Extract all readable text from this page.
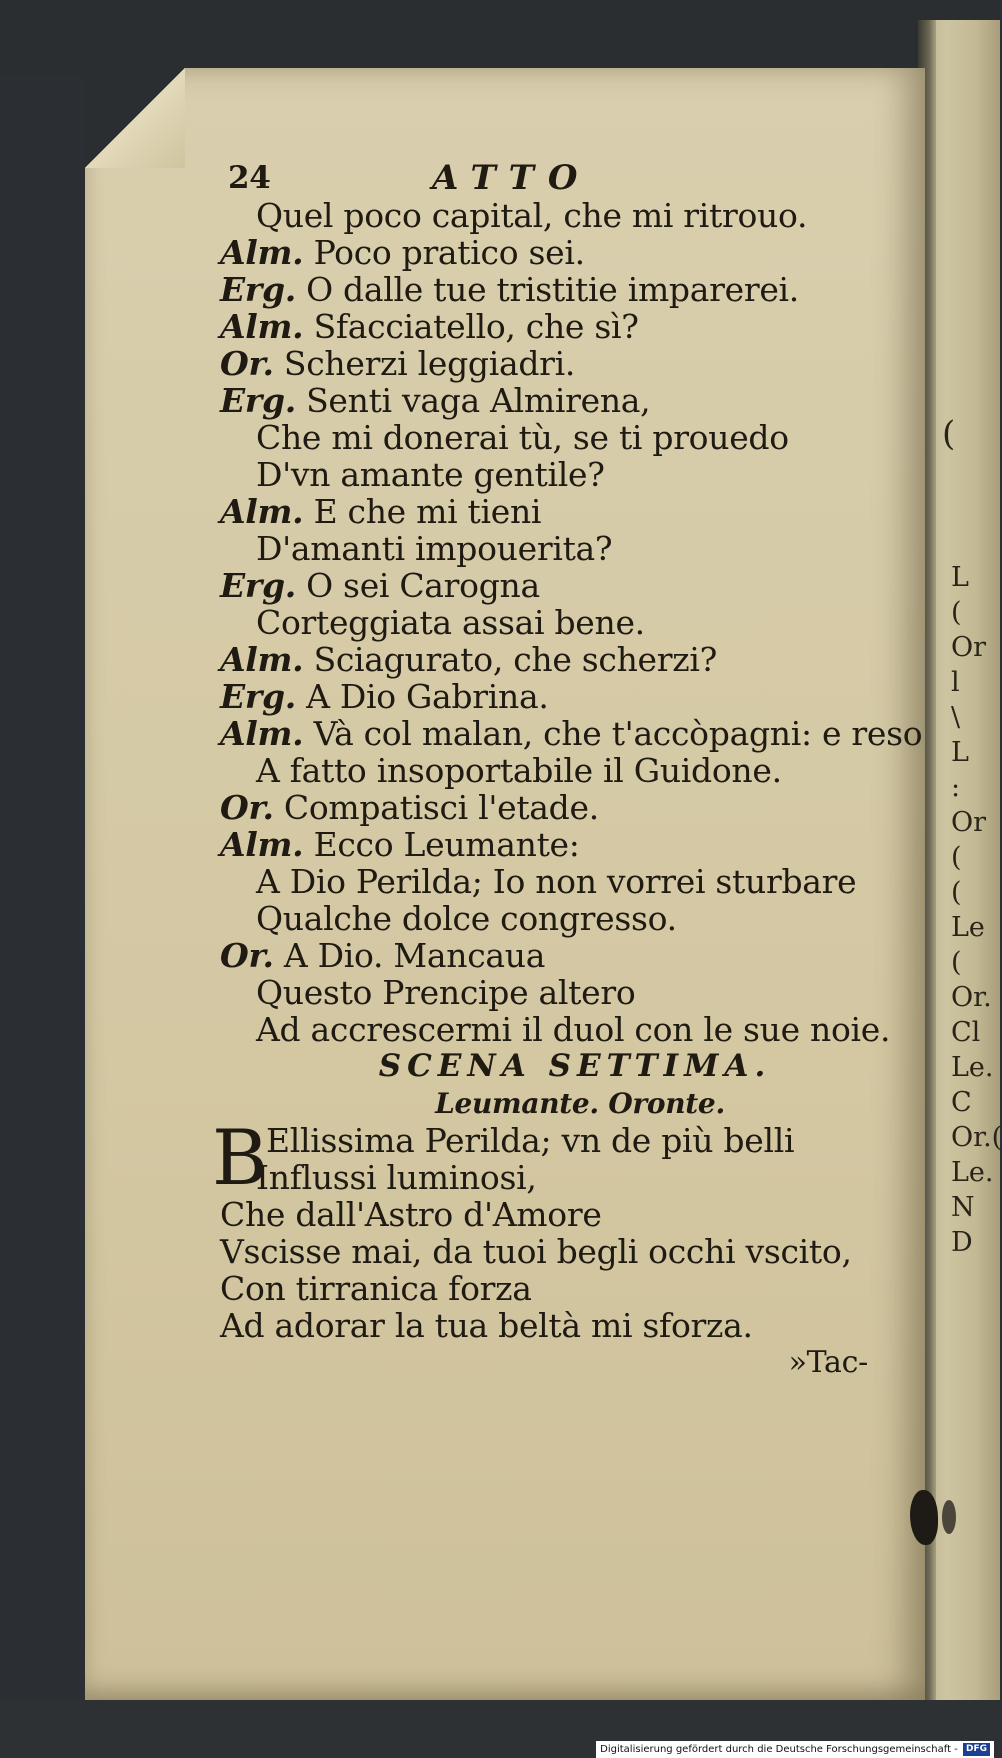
24	ATTO
Quel poco capital, che mi ritrouo.
Alm. Poco pratico sei.
Erg. O dalle tue tristitie imparerei.
Alm. Sfacciatello, che sì?
Or. Scherzi leggiadri.
Erg. Senti vaga Almirena,
Che mi donerai tù, se ti prouedo
D'vn amante gentile?
Alm. E che mi tieni
D'amanti impouerita?
Erg. O sei Carogna
Corteggiata assai bene.
Alm. Sciagurato, che scherzi?
Erg. A Dio Gabrina.
Alm. Và col malan, che t'accòpagni: e reso
A fatto insoportabile il Guidone.
Or. Compatisci l'etade.
Alm. Ecco Leumante:
A Dio Perilda; Io non vorrei sturbare
Qualche dolce congresso.
Or. A Dio. Mancaua
Questo Prencipe altero
Ad accrescermi il duol con le sue noie.
SCENA SETTIMA.
Leumante. Oronte.
B
Ellissima Perilda; vn de più belli
Influssi luminosi,
Che dall'Astro d'Amore
Vscisse mai, da tuoi begli occhi vscito,
Con tirranica forza
Ad adorar la tua beltà mi sforza.
»Tac-
(
L
(
Or
l
\
L
:
Or
(
(
Le
(
Or.
Cl
Le.
C
Or.(
Le.
N
D
Digitalisierung gefördert durch die Deutsche Forschungsgemeinschaft - DFG
